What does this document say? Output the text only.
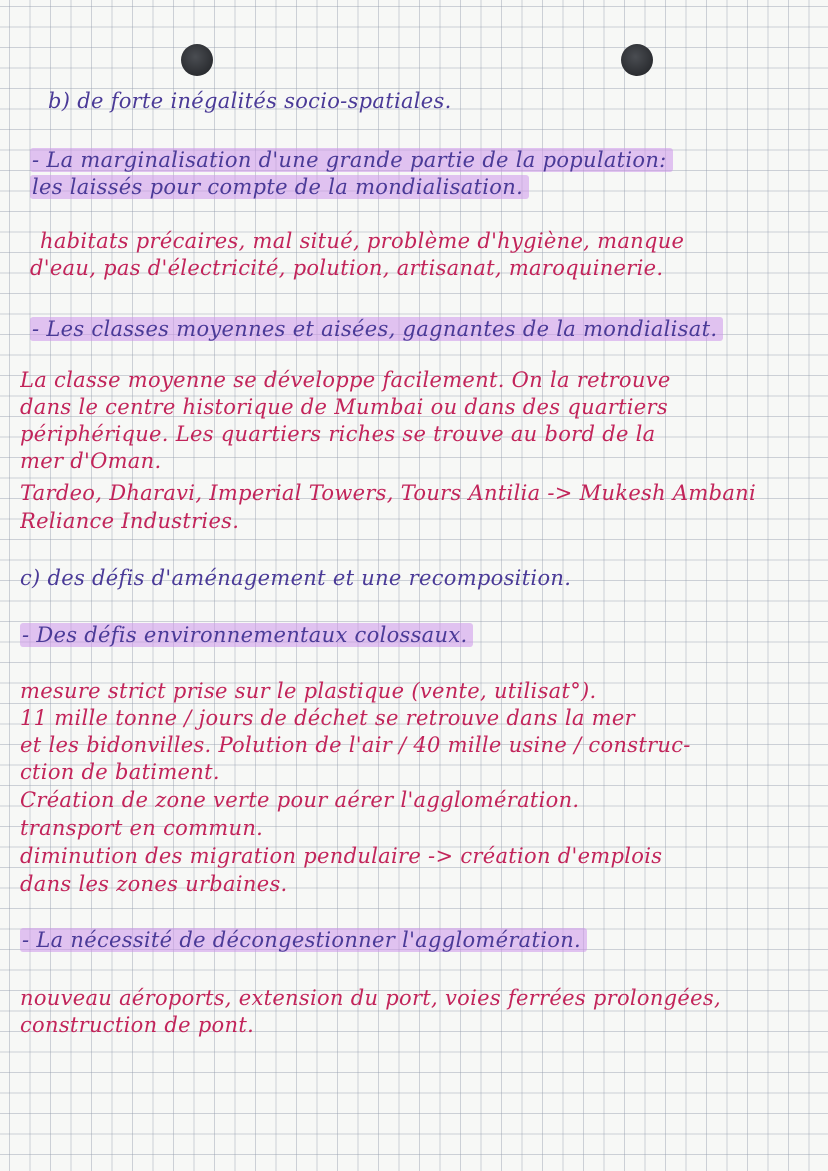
b) de forte inégalités socio-spatiales.
- La marginalisation d'une grande partie de la population:
les laissés pour compte de la mondialisation.
habitats précaires, mal situé, problème d'hygiène, manque
d'eau, pas d'électricité, polution, artisanat, maroquinerie.
- Les classes moyennes et aisées, gagnantes de la mondialisat.
La classe moyenne se développe facilement. On la retrouve
dans le centre historique de Mumbai ou dans des quartiers
périphérique. Les quartiers riches se trouve au bord de la
mer d'Oman.
Tardeo, Dharavi, Imperial Towers, Tours Antilia -> Mukesh Ambani
Reliance Industries.
c) des défis d'aménagement et une recomposition.
- Des défis environnementaux colossaux.
mesure strict prise sur le plastique (vente, utilisat°).
11 mille tonne / jours de déchet se retrouve dans la mer
et les bidonvilles. Polution de l'air / 40 mille usine / construc-
ction de batiment.
Création de zone verte pour aérer l'agglomération.
transport en commun.
diminution des migration pendulaire -> création d'emplois
dans les zones urbaines.
- La nécessité de décongestionner l'agglomération.
nouveau aéroports, extension du port, voies ferrées prolongées,
construction de pont.
